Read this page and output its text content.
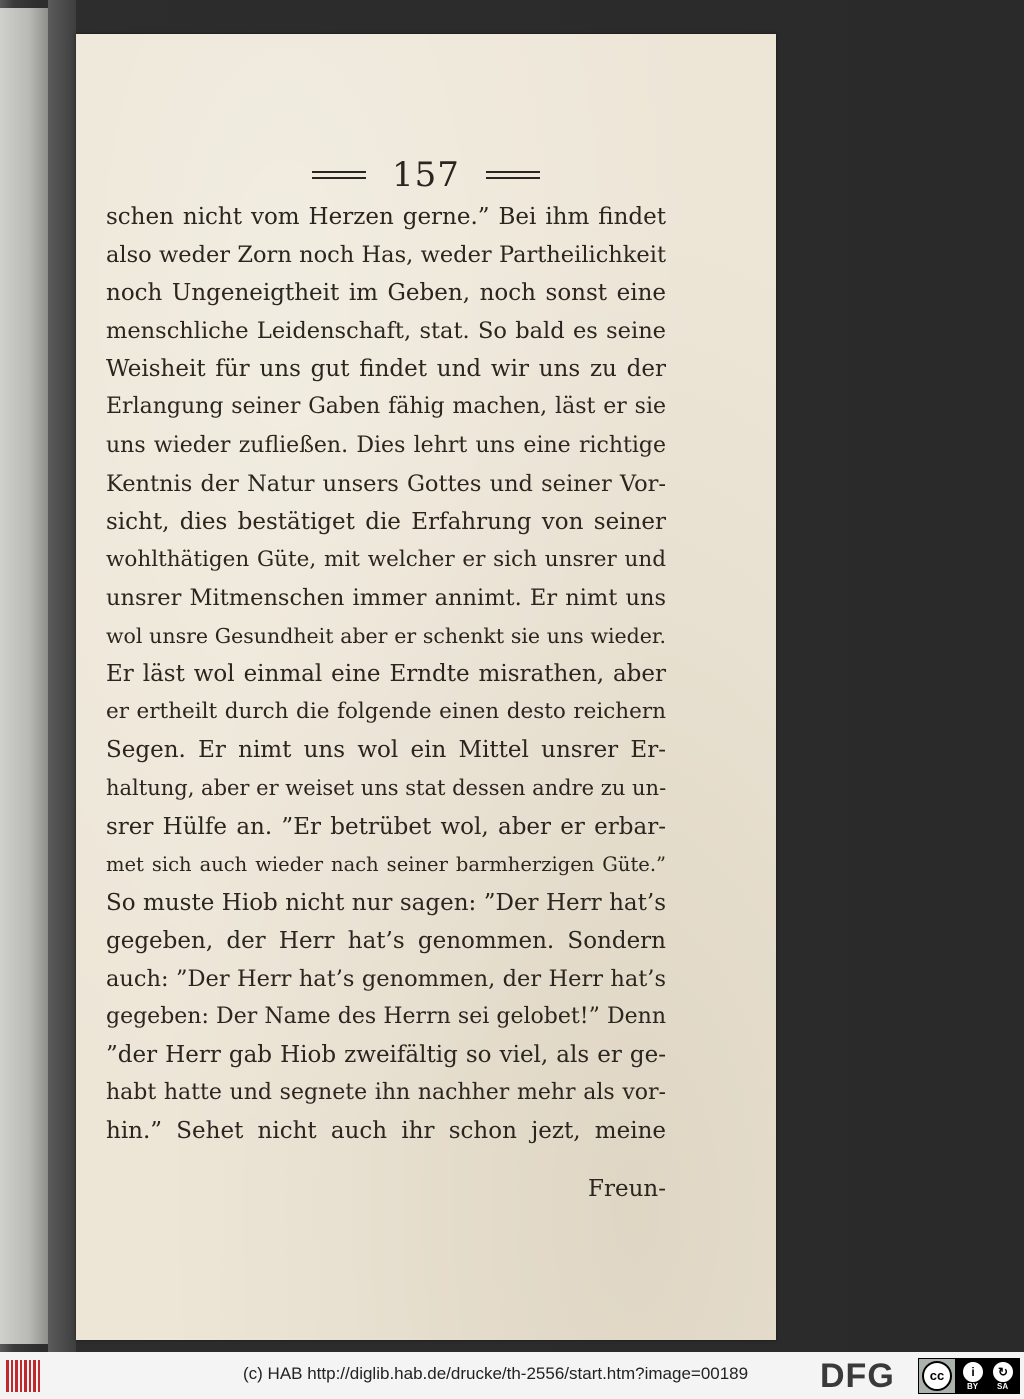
157
schen nicht vom Herzen gerne.” Bei ihm findet
also weder Zorn noch Has, weder Partheilichkeit
noch Ungeneigtheit im Geben, noch sonst eine
menschliche Leidenschaft, stat. So bald es seine
Weisheit für uns gut findet und wir uns zu der
Erlangung seiner Gaben fähig machen, läst er sie
uns wieder zufließen. Dies lehrt uns eine richtige
Kentnis der Natur unsers Gottes und seiner Vor-
sicht, dies bestätiget die Erfahrung von seiner
wohlthätigen Güte, mit welcher er sich unsrer und
unsrer Mitmenschen immer annimt. Er nimt uns
wol unsre Gesundheit aber er schenkt sie uns wieder.
Er läst wol einmal eine Erndte misrathen, aber
er ertheilt durch die folgende einen desto reichern
Segen. Er nimt uns wol ein Mittel unsrer Er-
haltung, aber er weiset uns stat dessen andre zu un-
srer Hülfe an. ”Er betrübet wol, aber er erbar-
met sich auch wieder nach seiner barmherzigen Güte.”
So muste Hiob nicht nur sagen: ”Der Herr hat’s
gegeben, der Herr hat’s genommen. Sondern
auch: ”Der Herr hat’s genommen, der Herr hat’s
gegeben: Der Name des Herrn sei gelobet!” Denn
”der Herr gab Hiob zweifältig so viel, als er ge-
habt hatte und segnete ihn nachher mehr als vor-
hin.” Sehet nicht auch ihr schon jezt, meine
Freun-
(c) HAB http://diglib.hab.de/drucke/th-2556/start.htm?image=00189	DFG	cc	i	↻
BY SA
